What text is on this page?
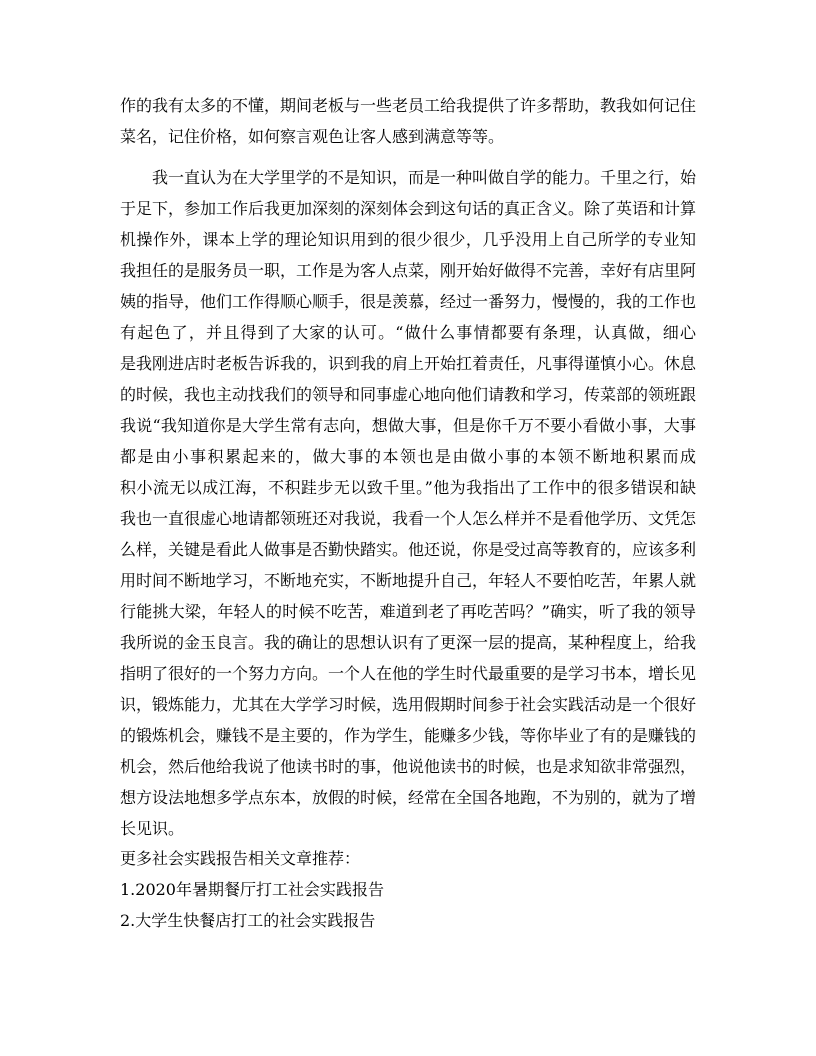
作的我有太多的不懂，期间老板与一些老员工给我提供了许多帮助，教我如何记住
菜名，记住价格，如何察言观色让客人感到满意等等。
我一直认为在大学里学的不是知识，而是一种叫做自学的能力。千里之行，始
于足下，参加工作后我更加深刻的深刻体会到这句话的真正含义。除了英语和计算
机操作外，课本上学的理论知识用到的很少很少，几乎没用上自己所学的专业知
我担任的是服务员一职，工作是为客人点菜，刚开始好做得不完善，幸好有店里阿
姨的指导，他们工作得顺心顺手，很是羡慕，经过一番努力，慢慢的，我的工作也
有起色了，并且得到了大家的认可。“做什么事情都要有条理，认真做，细心
是我刚进店时老板告诉我的，识到我的肩上开始扛着责任，凡事得谨慎小心。休息
的时候，我也主动找我们的领导和同事虚心地向他们请教和学习，传菜部的领班跟
我说“我知道你是大学生常有志向，想做大事，但是你千万不要小看做小事，大事
都是由小事积累起来的，做大事的本领也是由做小事的本领不断地积累而成
积小流无以成江海，不积跬步无以致千里。”他为我指出了工作中的很多错误和缺
我也一直很虚心地请都领班还对我说，我看一个人怎么样并不是看他学历、文凭怎
么样，关键是看此人做事是否勤快踏实。他还说，你是受过高等教育的，应该多利
用时间不断地学习，不断地充实，不断地提升自己，年轻人不要怕吃苦，年累人就
行能挑大梁，年轻人的时候不吃苦，难道到老了再吃苦吗？”确实，听了我的领导
我所说的金玉良言。我的确让的思想认识有了更深一层的提高，某种程度上，给我
指明了很好的一个努力方向。一个人在他的学生时代最重要的是学习书本，增长见
识，锻炼能力，尤其在大学学习时候，选用假期时间参于社会实践活动是一个很好
的锻炼机会，赚钱不是主要的，作为学生，能赚多少钱，等你毕业了有的是赚钱的
机会，然后他给我说了他读书时的事，他说他读书的时候，也是求知欲非常强烈，
想方设法地想多学点东本，放假的时候，经常在全国各地跑，不为别的，就为了增
长见识。
更多社会实践报告相关文章推荐：
1.2020年暑期餐厅打工社会实践报告
2.大学生快餐店打工的社会实践报告
